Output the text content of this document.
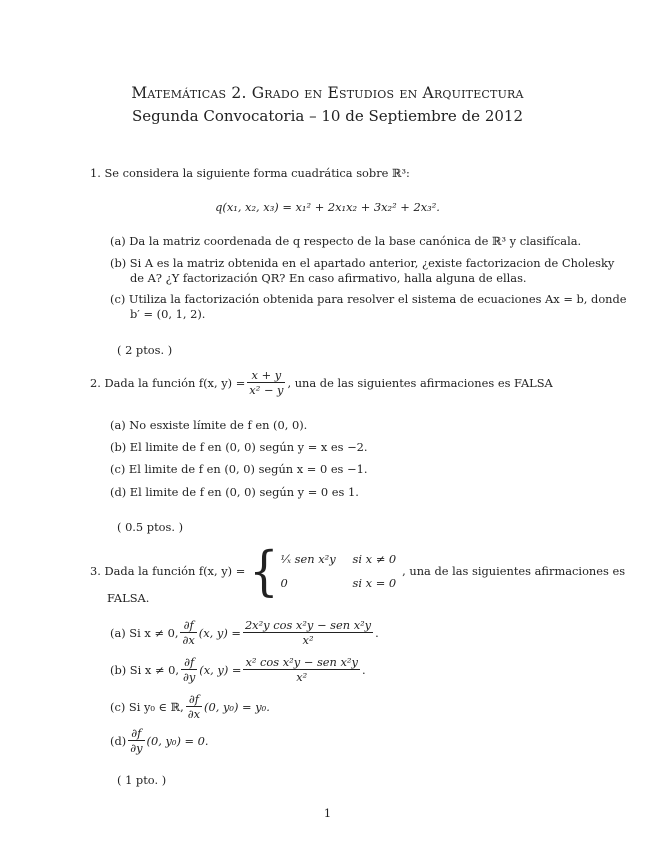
Matemáticas 2. Grado en Estudios en Arquitectura
Segunda Convocatoria – 10 de Septiembre de 2012
1. Se considera la siguiente forma cuadrática sobre ℝ³:
q(x₁, x₂, x₃) = x₁² + 2x₁x₂ + 3x₂² + 2x₃².
(a) Da la matriz coordenada de q respecto de la base canónica de ℝ³ y clasifícala.
(b) Si A es la matriz obtenida en el apartado anterior, ¿existe factorizacion de Cholesky
de A? ¿Y factorización QR? En caso afirmativo, halla alguna de ellas.
(c) Utiliza la factorización obtenida para resolver el sistema de ecuaciones Ax = b, donde
b′ = (0, 1, 2).
( 2 ptos. )
2. Dada la función f(x, $y) = \frac{x + y}{\text{x² − y}}$ , una de las siguientes afirmaciones es FALSA
(a) No esxiste límite de f en (0, 0).
(b) El limite de f en (0, 0) según y = x es −2.
(c) El limite de f en (0, 0) según x = 0 es −1.
(d) El limite de f en (0, 0) según y = 0 es 1.
( 0.5 ptos. )
3. Dada la función f(x, y) = { ¹⁄ₓ sen x²y si x ≠ 0
0	si x = 0
, una de las siguientes afirmaciones es
FALSA.
(a) Si x ≠ 0, $\frac{\partial f}{\partial x} (x$, $y) = \frac{\text{2x²y cos x²y − sen x²y}}{\text{x²}}$ .
(b) Si x ≠ 0, $\frac{\partial f}{\partial y} (x$, $y) = \frac{\text{x² cos x²y − sen x²y}}{\text{x²}}$ .
(c) Si y₀ ∈ ℝ, $\frac{\partial f}{\partial x} (0$, y₀) = y₀.
$(d) \frac{\partial f}{\partial y} (0$, y₀) = 0.
( 1 pto. )
1
